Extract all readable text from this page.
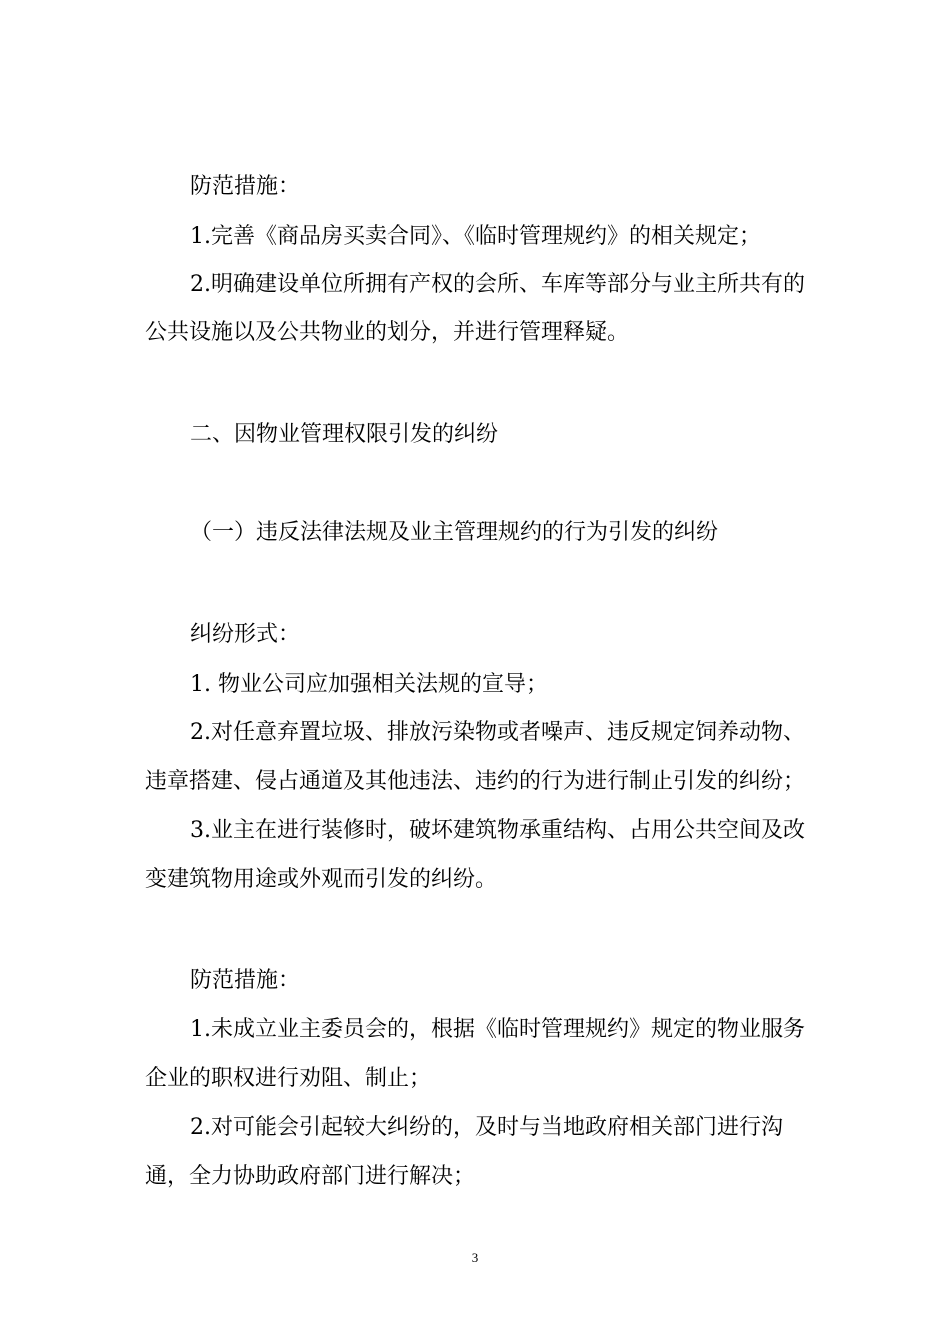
防范措施：
1.完善《商品房买卖合同》、《临时管理规约》的相关规定；
2.明确建设单位所拥有产权的会所、车库等部分与业主所共有的
公共设施以及公共物业的划分，并进行管理释疑。
二、因物业管理权限引发的纠纷
（一）违反法律法规及业主管理规约的行为引发的纠纷
纠纷形式：
1. 物业公司应加强相关法规的宣导；
2.对任意弃置垃圾、排放污染物或者噪声、违反规定饲养动物、
违章搭建、侵占通道及其他违法、违约的行为进行制止引发的纠纷；
3.业主在进行装修时，破坏建筑物承重结构、占用公共空间及改
变建筑物用途或外观而引发的纠纷。
防范措施：
1.未成立业主委员会的，根据《临时管理规约》规定的物业服务
企业的职权进行劝阻、制止；
2.对可能会引起较大纠纷的，及时与当地政府相关部门进行沟
通，全力协助政府部门进行解决；
3
